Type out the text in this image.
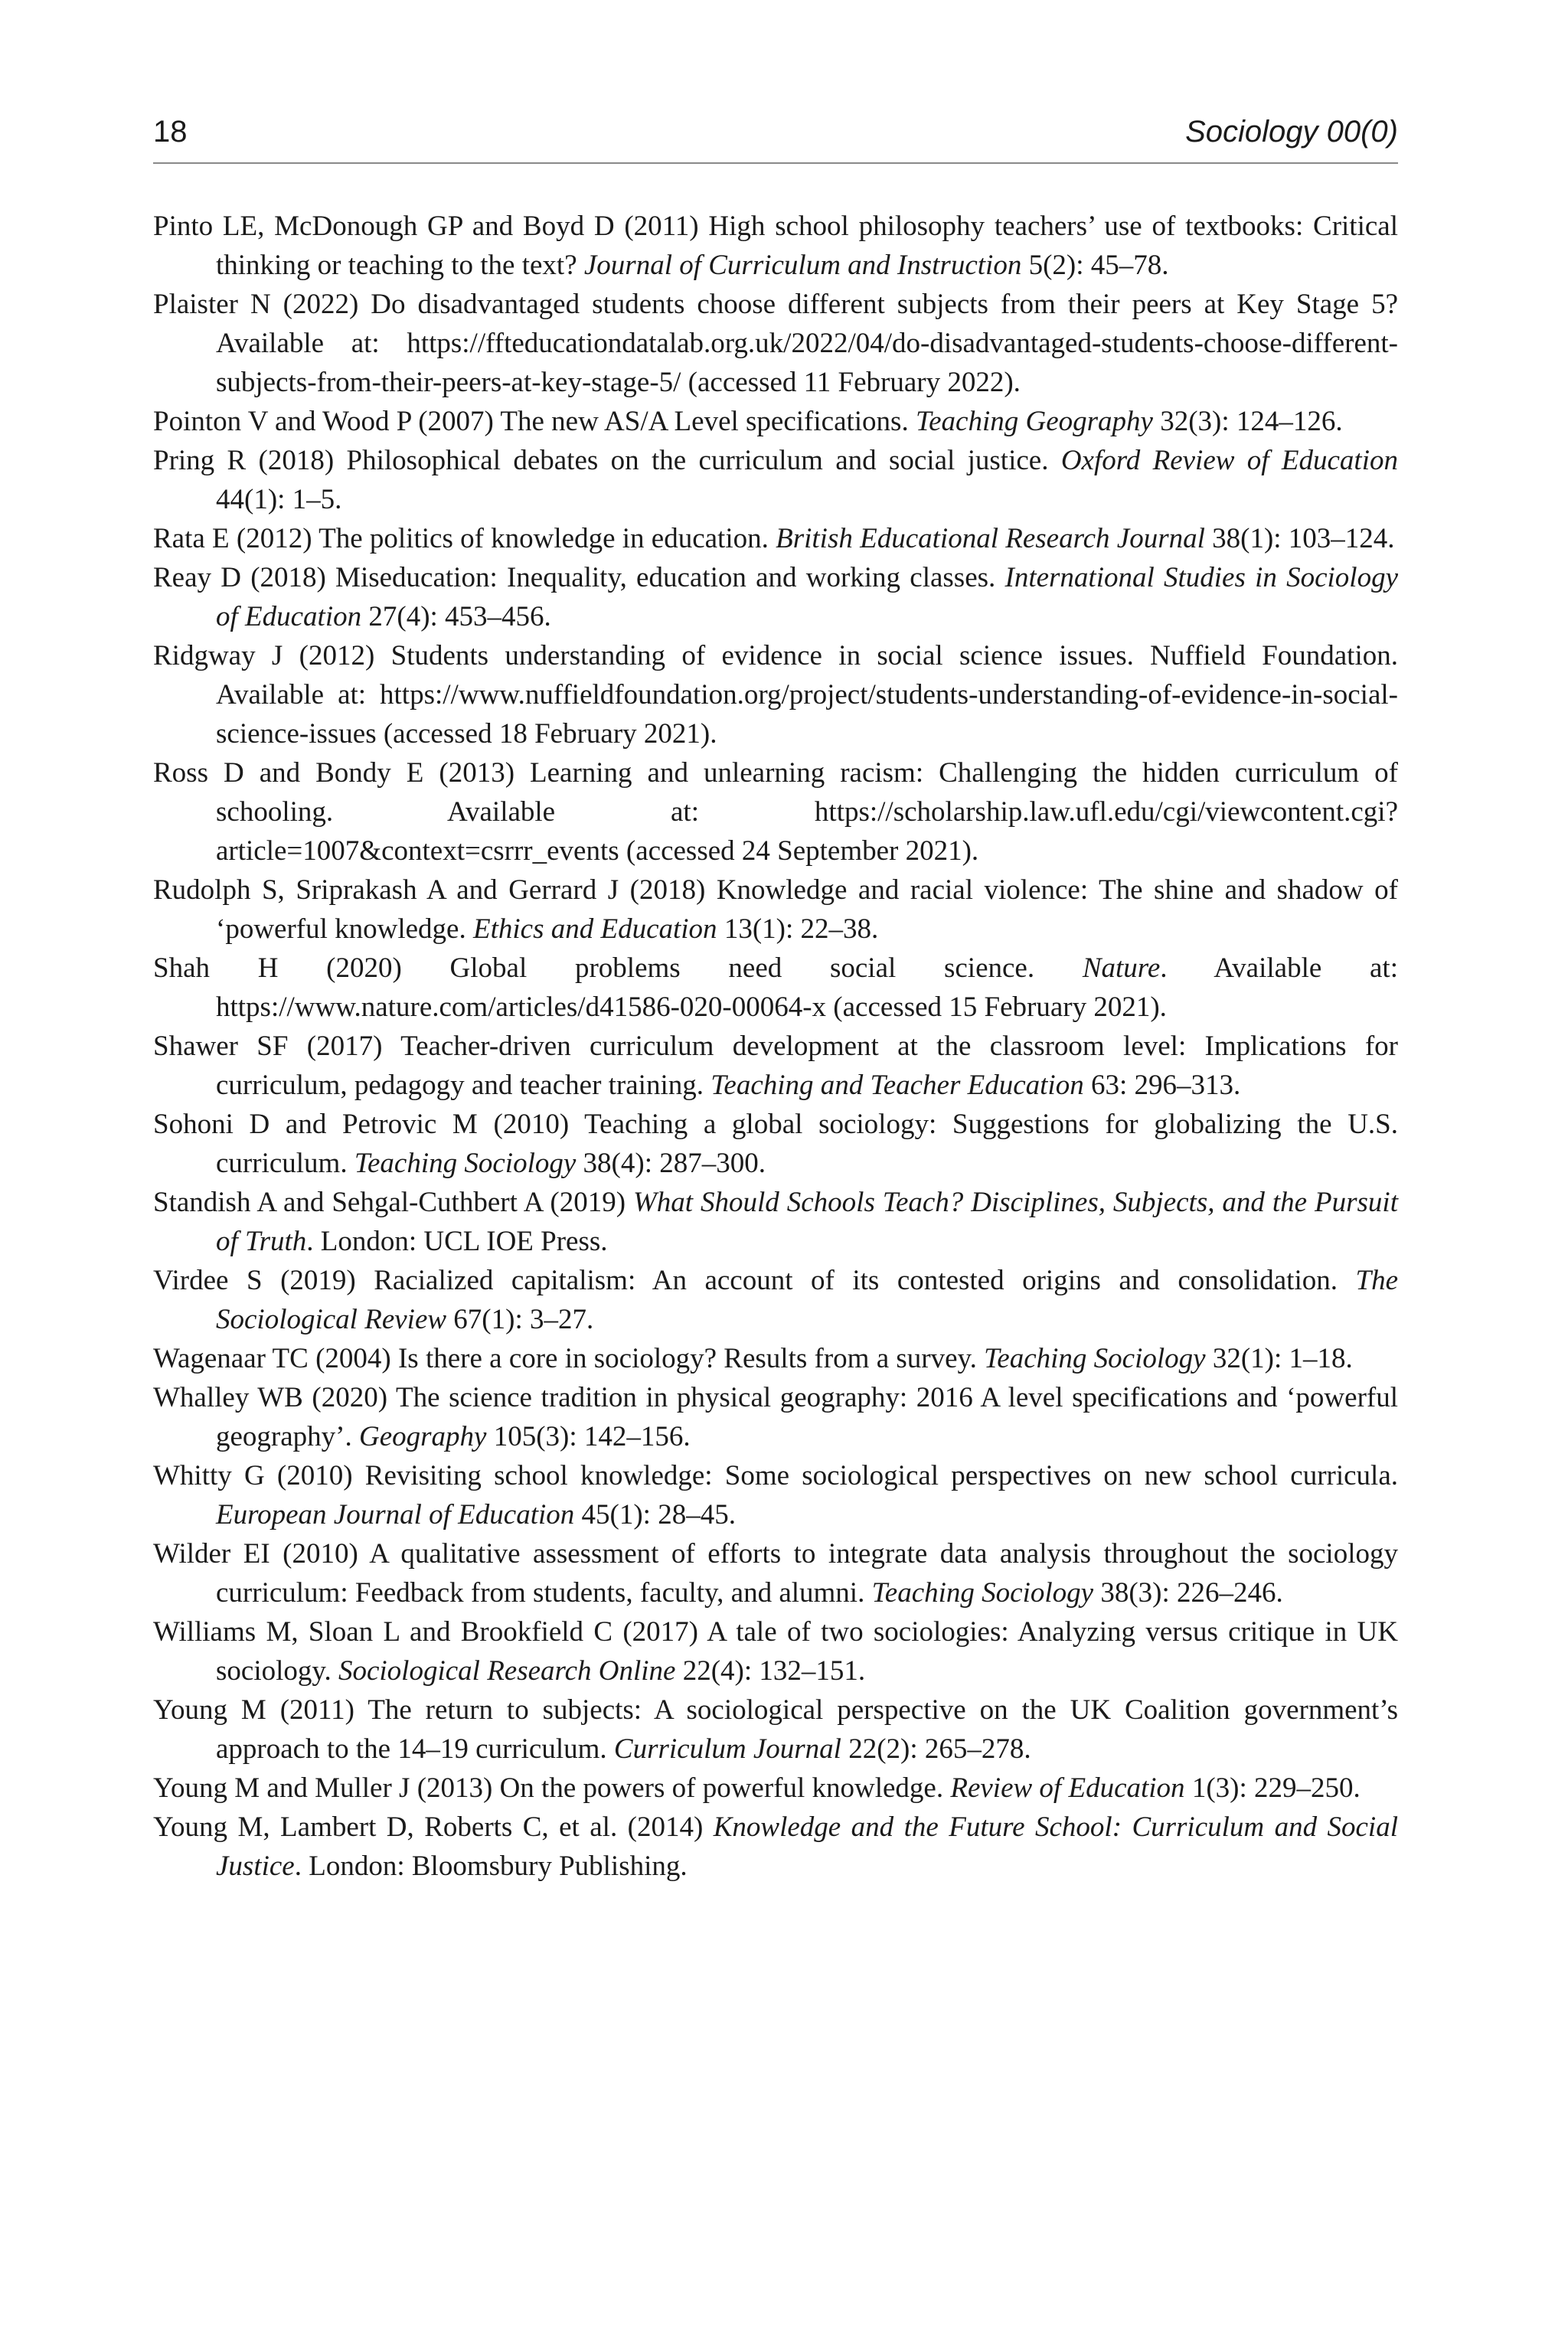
18	Sociology 00(0)
Pinto LE, McDonough GP and Boyd D (2011) High school philosophy teachers’ use of textbooks: Critical thinking or teaching to the text? Journal of Curriculum and Instruction 5(2): 45–78.
Plaister N (2022) Do disadvantaged students choose different subjects from their peers at Key Stage 5? Available at: https://ffteducationdatalab.org.uk/2022/04/do-disadvantaged-students-choose-different-subjects-from-their-peers-at-key-stage-5/ (accessed 11 February 2022).
Pointon V and Wood P (2007) The new AS/A Level specifications. Teaching Geography 32(3): 124–126.
Pring R (2018) Philosophical debates on the curriculum and social justice. Oxford Review of Education 44(1): 1–5.
Rata E (2012) The politics of knowledge in education. British Educational Research Journal 38(1): 103–124.
Reay D (2018) Miseducation: Inequality, education and working classes. International Studies in Sociology of Education 27(4): 453–456.
Ridgway J (2012) Students understanding of evidence in social science issues. Nuffield Foundation. Available at: https://www.nuffieldfoundation.org/project/students-understanding-of-evidence-in-social-science-issues (accessed 18 February 2021).
Ross D and Bondy E (2013) Learning and unlearning racism: Challenging the hidden curriculum of schooling. Available at: https://scholarship.law.ufl.edu/cgi/viewcontent.cgi?article=1007&context=csrrr_events (accessed 24 September 2021).
Rudolph S, Sriprakash A and Gerrard J (2018) Knowledge and racial violence: The shine and shadow of ‘powerful knowledge. Ethics and Education 13(1): 22–38.
Shah H (2020) Global problems need social science. Nature. Available at: https://www.nature.com/articles/d41586-020-00064-x (accessed 15 February 2021).
Shawer SF (2017) Teacher-driven curriculum development at the classroom level: Implications for curriculum, pedagogy and teacher training. Teaching and Teacher Education 63: 296–313.
Sohoni D and Petrovic M (2010) Teaching a global sociology: Suggestions for globalizing the U.S. curriculum. Teaching Sociology 38(4): 287–300.
Standish A and Sehgal-Cuthbert A (2019) What Should Schools Teach? Disciplines, Subjects, and the Pursuit of Truth. London: UCL IOE Press.
Virdee S (2019) Racialized capitalism: An account of its contested origins and consolidation. The Sociological Review 67(1): 3–27.
Wagenaar TC (2004) Is there a core in sociology? Results from a survey. Teaching Sociology 32(1): 1–18.
Whalley WB (2020) The science tradition in physical geography: 2016 A level specifications and ‘powerful geography’. Geography 105(3): 142–156.
Whitty G (2010) Revisiting school knowledge: Some sociological perspectives on new school curricula. European Journal of Education 45(1): 28–45.
Wilder EI (2010) A qualitative assessment of efforts to integrate data analysis throughout the sociology curriculum: Feedback from students, faculty, and alumni. Teaching Sociology 38(3): 226–246.
Williams M, Sloan L and Brookfield C (2017) A tale of two sociologies: Analyzing versus critique in UK sociology. Sociological Research Online 22(4): 132–151.
Young M (2011) The return to subjects: A sociological perspective on the UK Coalition government’s approach to the 14–19 curriculum. Curriculum Journal 22(2): 265–278.
Young M and Muller J (2013) On the powers of powerful knowledge. Review of Education 1(3): 229–250.
Young M, Lambert D, Roberts C, et al. (2014) Knowledge and the Future School: Curriculum and Social Justice. London: Bloomsbury Publishing.
